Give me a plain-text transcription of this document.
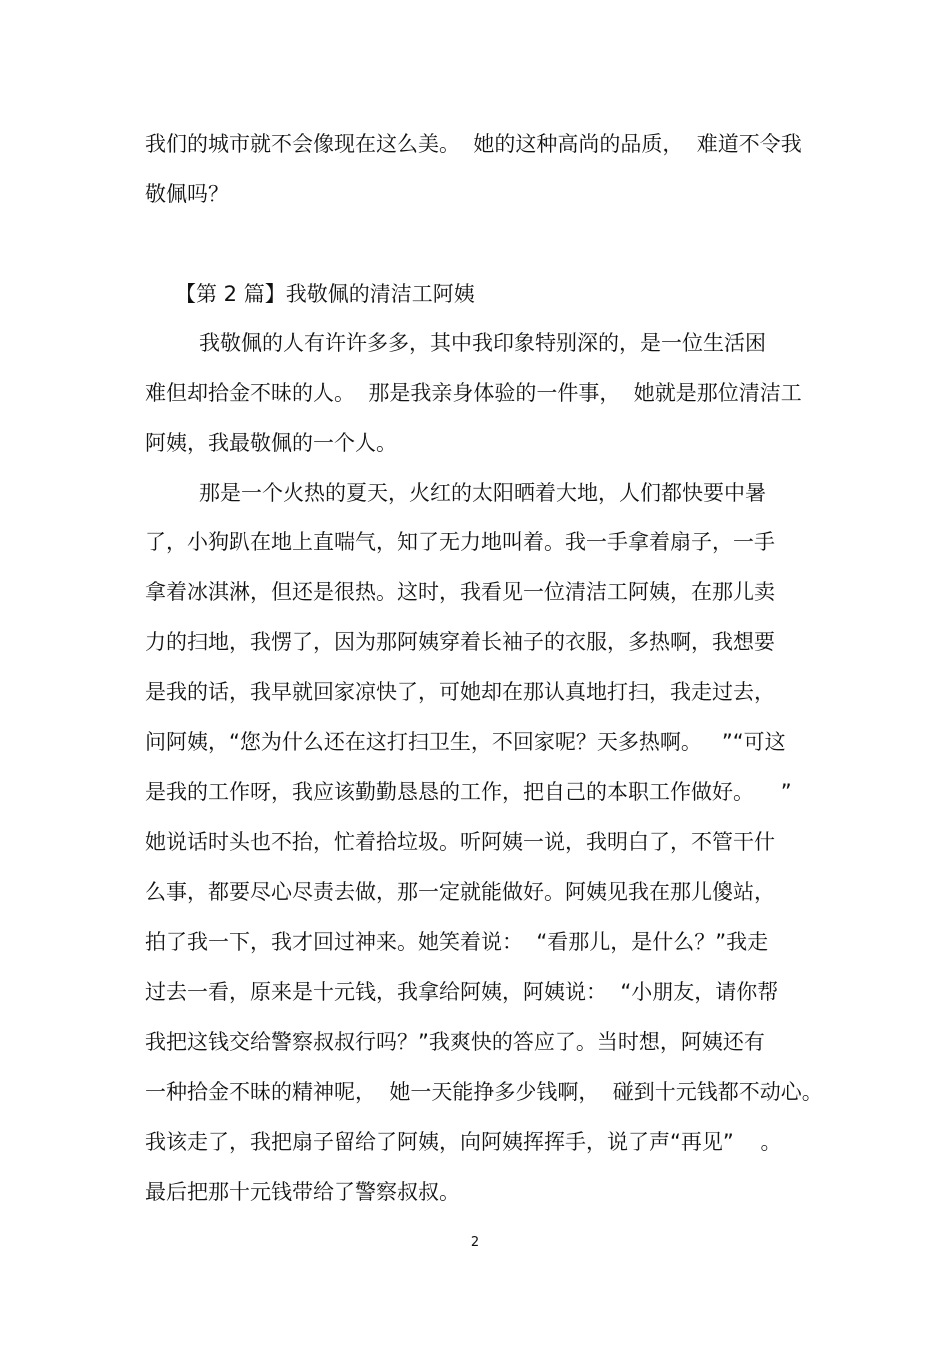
我们的城市就不会像现在这么美。  她的这种高尚的品质，  难道不令我
敬佩吗？
【第 2 篇】我敬佩的清洁工阿姨
我敬佩的人有许许多多，其中我印象特别深的，是一位生活困
难但却拾金不昧的人。  那是我亲身体验的一件事，  她就是那位清洁工
阿姨，我最敬佩的一个人。
那是一个火热的夏天，火红的太阳晒着大地，人们都快要中暑
了，小狗趴在地上直喘气，知了无力地叫着。我一手拿着扇子，一手
拿着冰淇淋，但还是很热。这时，我看见一位清洁工阿姨，在那儿卖
力的扫地，我愣了，因为那阿姨穿着长袖子的衣服，多热啊，我想要
是我的话，我早就回家凉快了，可她却在那认真地打扫，我走过去，
问阿姨，“您为什么还在这打扫卫生，不回家呢？天多热啊。   ”“可这
是我的工作呀，我应该勤勤恳恳的工作，把自己的本职工作做好。    ”
她说话时头也不抬，忙着拾垃圾。听阿姨一说，我明白了，不管干什
么事，都要尽心尽责去做，那一定就能做好。阿姨见我在那儿傻站，
拍了我一下，我才回过神来。她笑着说：  “看那儿，是什么？”我走
过去一看，原来是十元钱，我拿给阿姨，阿姨说：  “小朋友，请你帮
我把这钱交给警察叔叔行吗？”我爽快的答应了。当时想，阿姨还有
一种拾金不昧的精神呢，  她一天能挣多少钱啊，  碰到十元钱都不动心。
我该走了，我把扇子留给了阿姨，向阿姨挥挥手，说了声“再见”    。
最后把那十元钱带给了警察叔叔。
2
